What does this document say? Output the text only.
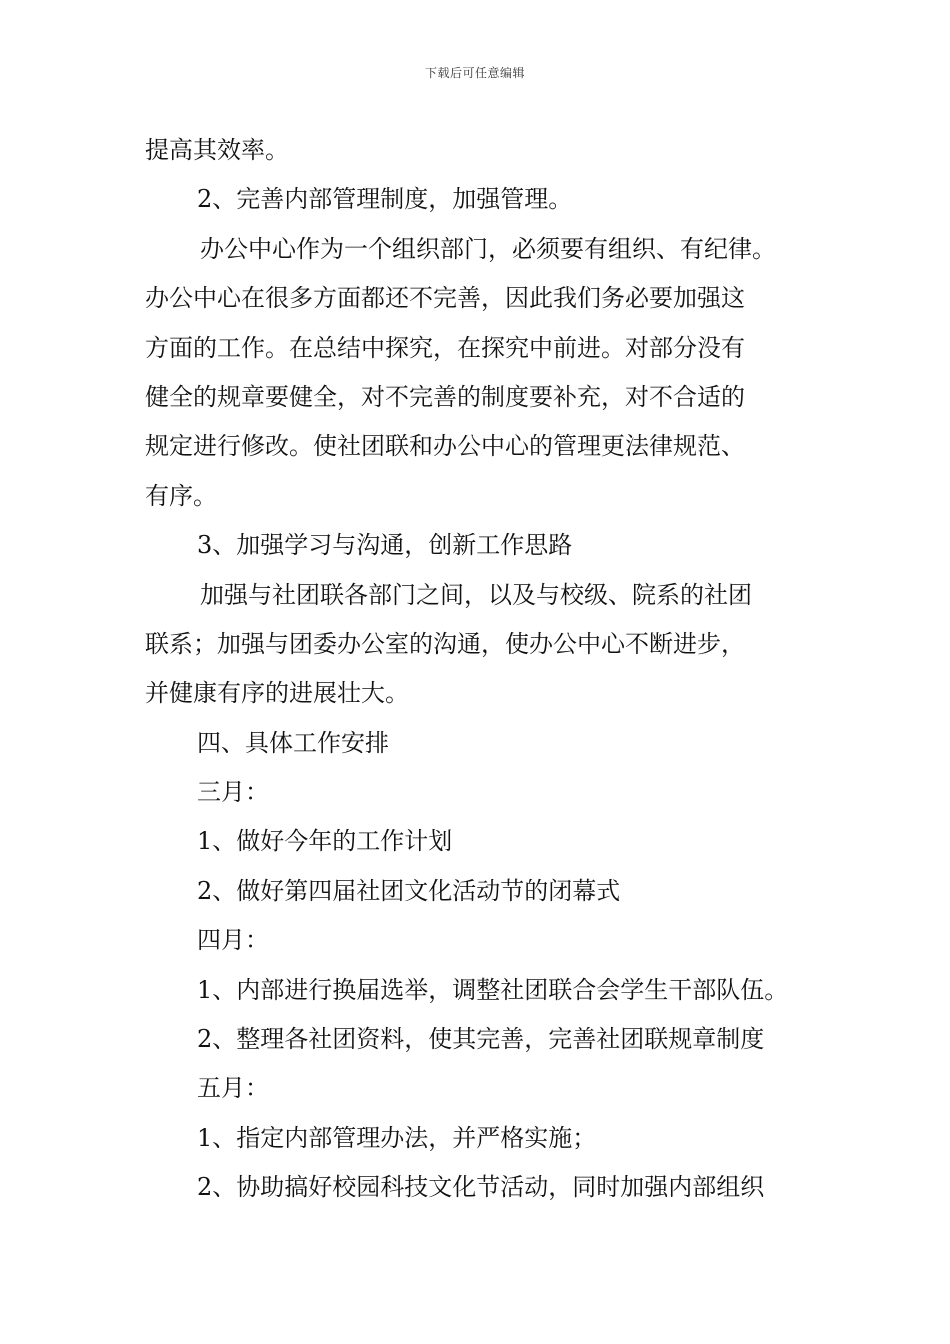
下载后可任意编辑
提高其效率。
2、完善内部管理制度，加强管理。
办公中心作为一个组织部门，必须要有组织、有纪律。
办公中心在很多方面都还不完善，因此我们务必要加强这
方面的工作。在总结中探究，在探究中前进。对部分没有
健全的规章要健全，对不完善的制度要补充，对不合适的
规定进行修改。使社团联和办公中心的管理更法律规范、
有序。
3、加强学习与沟通，创新工作思路
加强与社团联各部门之间，以及与校级、院系的社团
联系；加强与团委办公室的沟通，使办公中心不断进步，
并健康有序的进展壮大。
四、具体工作安排
三月：
1、做好今年的工作计划
2、做好第四届社团文化活动节的闭幕式
四月：
1、内部进行换届选举，调整社团联合会学生干部队伍。
2、整理各社团资料，使其完善，完善社团联规章制度
五月：
1、指定内部管理办法，并严格实施；
2、协助搞好校园科技文化节活动，同时加强内部组织
